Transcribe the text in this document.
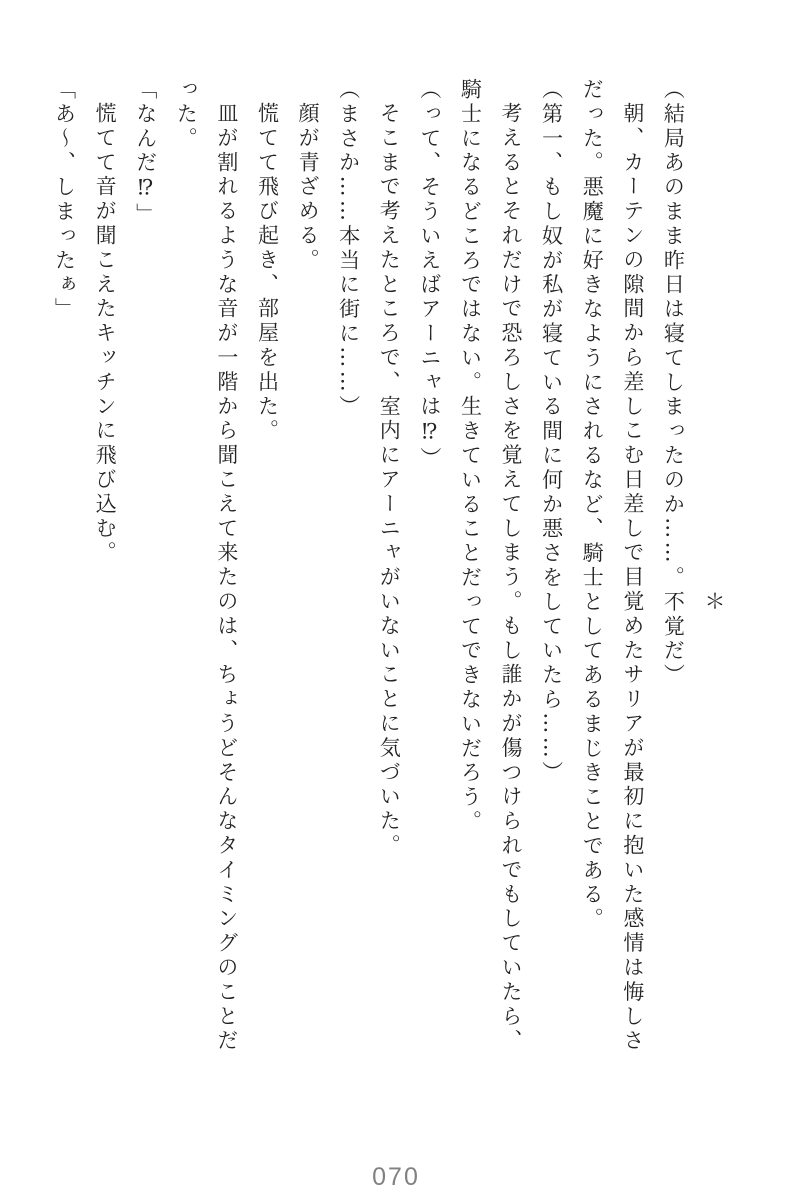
＊

（結局あのまま昨日は寝てしまったのか……。不覚だ）

朝、カーテンの隙間から差しこむ日差しで目覚めたサリアが最初に抱いた感情は悔しさ

だった。悪魔に好きなようにされるなど、騎士としてあるまじきことである。

（第一、もし奴が私が寝ている間に何か悪さをしていたら……）

考えるとそれだけで恐ろしさを覚えてしまう。もし誰かが傷つけられでもしていたら、

騎士になるどころではない。生きていることだってできないだろう。

（って、そういえばアーニャは⁉）

そこまで考えたところで、室内にアーニャがいないことに気づいた。

（まさか……本当に街に……）

顔が青ざめる。

慌てて飛び起き、部屋を出た。

皿が割れるような音が一階から聞こえて来たのは、ちょうどそんなタイミングのことだ

った。

「なんだ⁉」

慌てて音が聞こえたキッチンに飛び込む。

「あ〜、しまったぁ」

070
